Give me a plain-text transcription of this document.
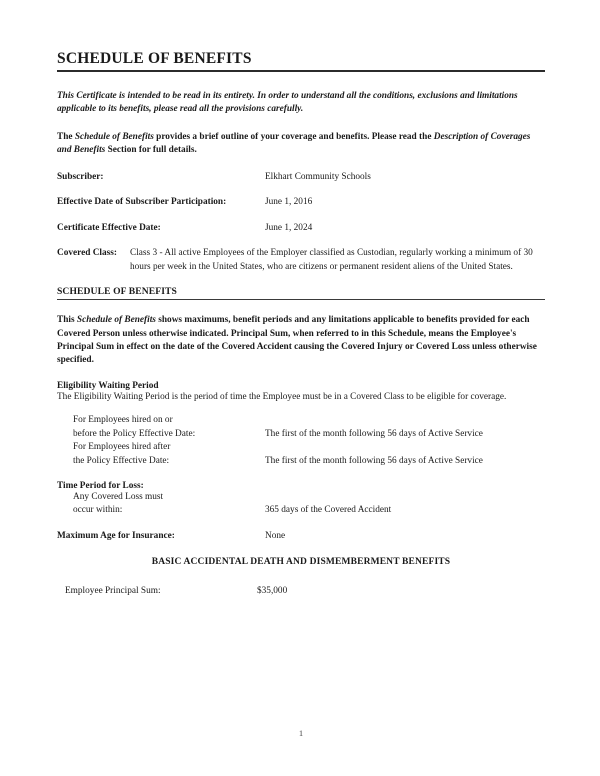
SCHEDULE OF BENEFITS

This Certificate is intended to be read in its entirety. In order to understand all the conditions, exclusions and limitations applicable to its benefits, please read all the provisions carefully.

The Schedule of Benefits provides a brief outline of your coverage and benefits. Please read the Description of Coverages and Benefits Section for full details.

Subscriber:	Elkhart Community Schools
Effective Date of Subscriber Participation:	June 1, 2016
Certificate Effective Date:	June 1, 2024
Covered Class: Class 3 - All active Employees of the Employer classified as Custodian, regularly working a minimum of 30 hours per week in the United States, who are citizens or permanent resident aliens of the United States.
SCHEDULE OF BENEFITS

This Schedule of Benefits shows maximums, benefit periods and any limitations applicable to benefits provided for each Covered Person unless otherwise indicated. Principal Sum, when referred to in this Schedule, means the Employee's Principal Sum in effect on the date of the Covered Accident causing the Covered Injury or Covered Loss unless otherwise specified.

Eligibility Waiting Period

The Eligibility Waiting Period is the period of time the Employee must be in a Covered Class to be eligible for coverage.

For Employees hired on or
before the Policy Effective Date:	The first of the month following 56 days of Active Service
For Employees hired after
the Policy Effective Date:	The first of the month following 56 days of Active Service
Time Period for Loss:
Any Covered Loss must
occur within:	365 days of the Covered Accident
Maximum Age for Insurance:	None
BASIC ACCIDENTAL DEATH AND DISMEMBERMENT BENEFITS
Employee Principal Sum:	$35,000
1
